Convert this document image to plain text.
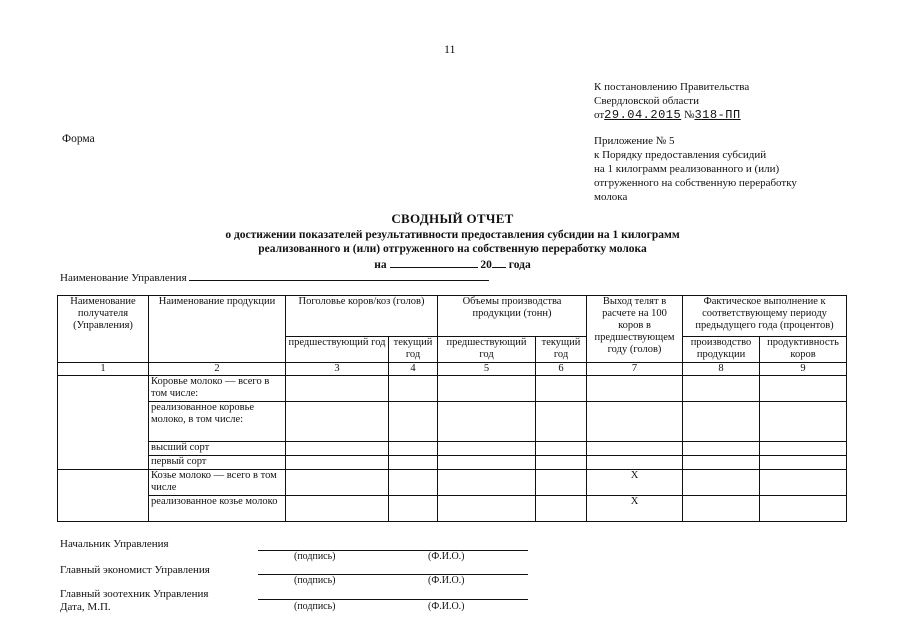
11
К постановлению Правительства
Свердловской области
от29.04.2015 №318-ПП
Форма	Приложение № 5
к Порядку предоставления субсидий
на 1 килограмм реализованного и (или)
отгруженного на собственную переработку
молока
СВОДНЫЙ ОТЧЕТ
о достижении показателей результативности предоставления субсидии на 1 килограмм
реализованного и (или) отгруженного на собственную переработку молока
на	20 года
Наименование Управления
Наименование получателя (Управления)	Наименование продукции	Поголовье коров/коз (голов)		Объемы производства продукции (тонн)		Выход телят в расчете на 100 коров в предшествующем году (голов)	Фактическое выполнение к соответствующему периоду предыдущего года (процентов)	
		предшествующий год	текущий год	предшествующий год	текущий год		производство продукции	продуктивность коров
1	2	3	4	5	6	7	8	9
	Коровье молоко — всего в том числе:							
	реализованное коровье молоко, в том числе:							
	высший сорт							
	первый сорт							
	Козье молоко — всего в том числе					Х		
	реализованное козье молоко					Х		
Начальник Управления
(подпись)	(Ф.И.О.)
Главный экономист Управления
(подпись)	(Ф.И.О.)
Главный зоотехник Управления
Дата, М.П.	(подпись)	(Ф.И.О.)
